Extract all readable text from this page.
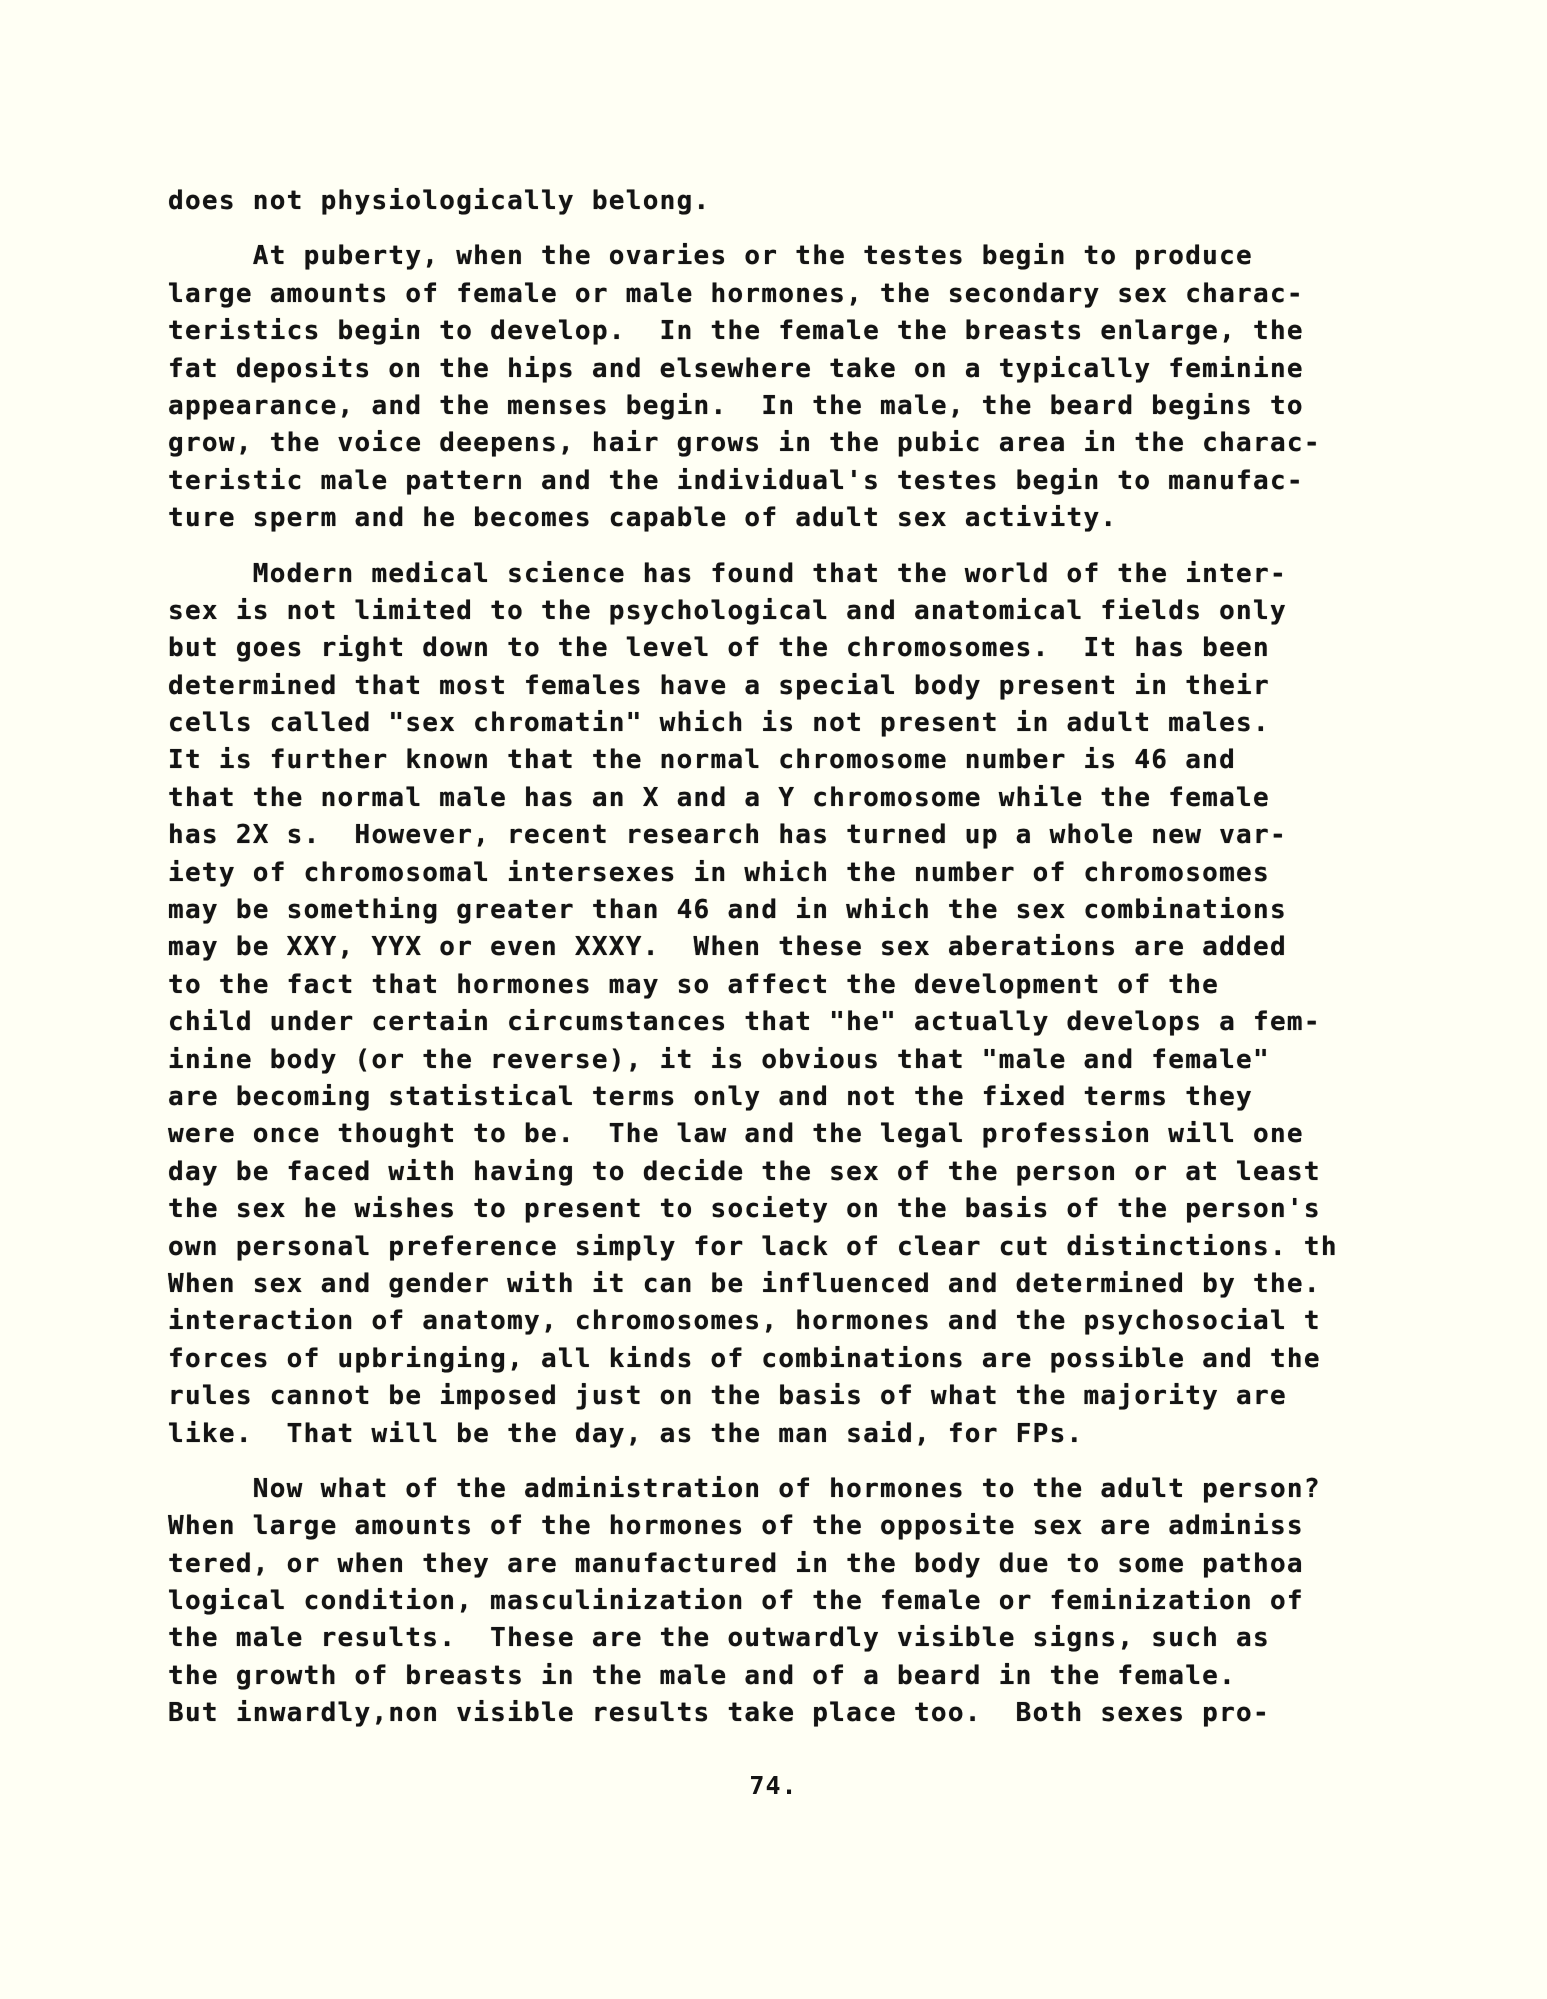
does not physiologically belong.
At puberty, when the ovaries or the testes begin to produce
large amounts of female or male hormones, the secondary sex charac-
teristics begin to develop.  In the female the breasts enlarge, the
fat deposits on the hips and elsewhere take on a typically feminine
appearance, and the menses begin.  In the male, the beard begins to
grow, the voice deepens, hair grows in the pubic area in the charac-
teristic male pattern and the individual's testes begin to manufac-
ture sperm and he becomes capable of adult sex activity.
Modern medical science has found that the world of the inter-
sex is not limited to the psychological and anatomical fields only
but goes right down to the level of the chromosomes.  It has been
determined that most females have a special body present in their
cells called "sex chromatin" which is not present in adult males.
It is further known that the normal chromosome number is 46 and
that the normal male has an X and a Y chromosome while the female
has 2X s.  However, recent research has turned up a whole new var-
iety of chromosomal intersexes in which the number of chromosomes
may be something greater than 46 and in which the sex combinations
may be XXY, YYX or even XXXY.  When these sex aberations are added
to the fact that hormones may so affect the development of the
child under certain circumstances that "he" actually develops a fem-
inine body (or the reverse), it is obvious that "male and female"
are becoming statistical terms only and not the fixed terms they
were once thought to be.  The law and the legal profession will one
day be faced with having to decide the sex of the person or at least
the sex he wishes to present to society on the basis of the person's
own personal preference simply for lack of clear cut distinctions. th
When sex and gender with it can be influenced and determined by the.
interaction of anatomy, chromosomes, hormones and the psychosocial t
forces of upbringing, all kinds of combinations are possible and the
rules cannot be imposed just on the basis of what the majority are
like.  That will be the day, as the man said, for FPs.
Now what of the administration of hormones to the adult person?
When large amounts of the hormones of the opposite sex are adminiss
tered, or when they are manufactured in the body due to some pathoa
logical condition, masculinization of the female or feminization of
the male results.  These are the outwardly visible signs, such as
the growth of breasts in the male and of a beard in the female.
But inwardly,non visible results take place too.  Both sexes pro-
74.
